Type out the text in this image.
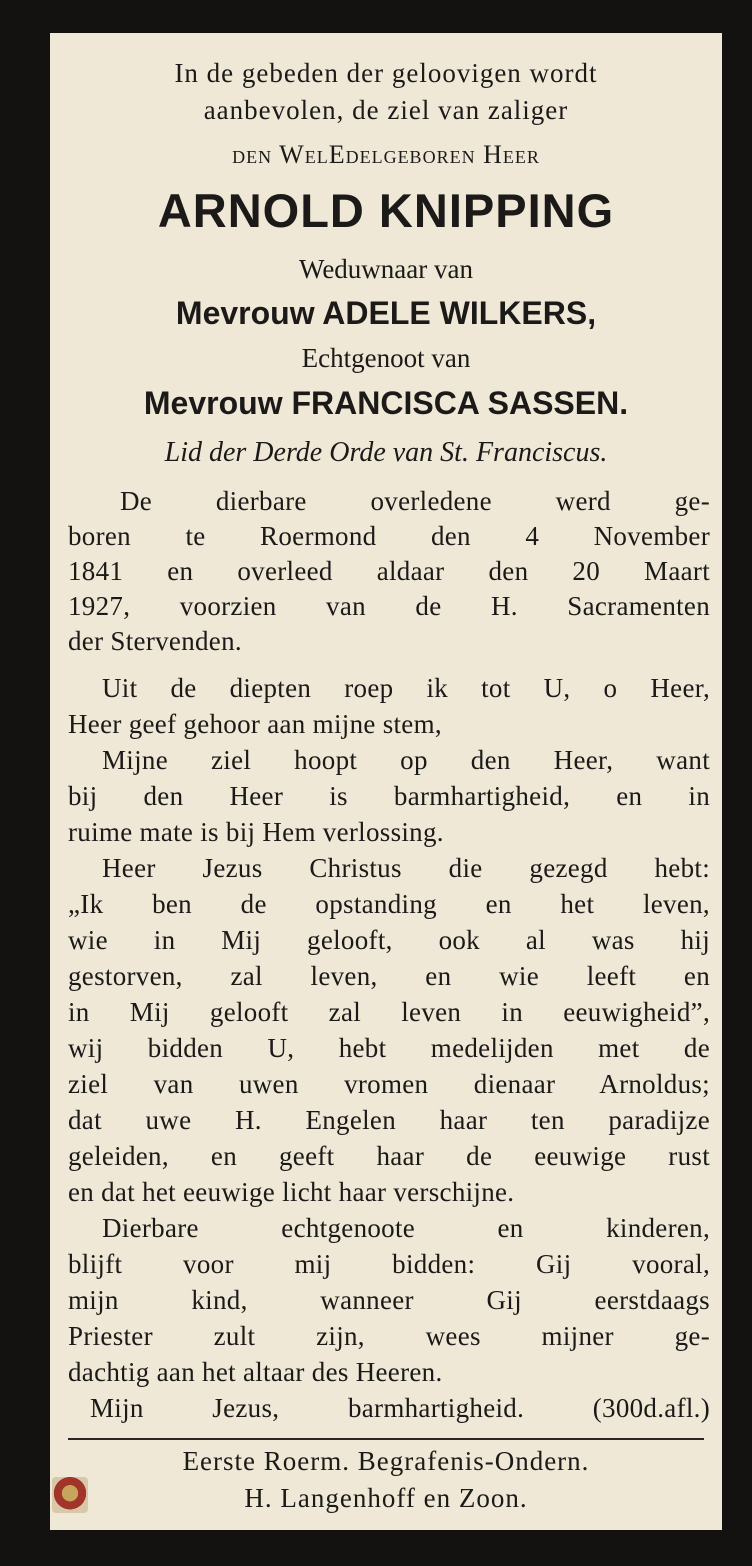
In de gebeden der geloovigen wordt
aanbevolen, de ziel van zaliger
den WelEdelgeboren Heer
ARNOLD KNIPPING
Weduwnaar van
Mevrouw ADELE WILKERS,
Echtgenoot van
Mevrouw FRANCISCA SASSEN.
Lid der Derde Orde van St. Franciscus.
De dierbare overledene werd ge-
boren te Roermond den 4 November
1841 en overleed aldaar den 20 Maart
1927, voorzien van de H. Sacramenten
der Stervenden.
Uit de diepten roep ik tot U, o Heer,
Heer geef gehoor aan mijne stem,
Mijne ziel hoopt op den Heer, want
bij den Heer is barmhartigheid, en in
ruime mate is bij Hem verlossing.
Heer Jezus Christus die gezegd hebt:
„Ik ben de opstanding en het leven,
wie in Mij gelooft, ook al was hij
gestorven, zal leven, en wie leeft en
in Mij gelooft zal leven in eeuwigheid”,
wij bidden U, hebt medelijden met de
ziel van uwen vromen dienaar Arnoldus;
dat uwe H. Engelen haar ten paradijze
geleiden, en geeft haar de eeuwige rust
en dat het eeuwige licht haar verschijne.
Dierbare echtgenoote en kinderen,
blijft voor mij bidden: Gij vooral,
mijn kind, wanneer Gij eerstdaags
Priester zult zijn, wees mijner ge-
dachtig aan het altaar des Heeren.
Mijn Jezus, barmhartigheid. (300d.afl.)
Eerste Roerm. Begrafenis-Ondern.
H. Langenhoff en Zoon.
